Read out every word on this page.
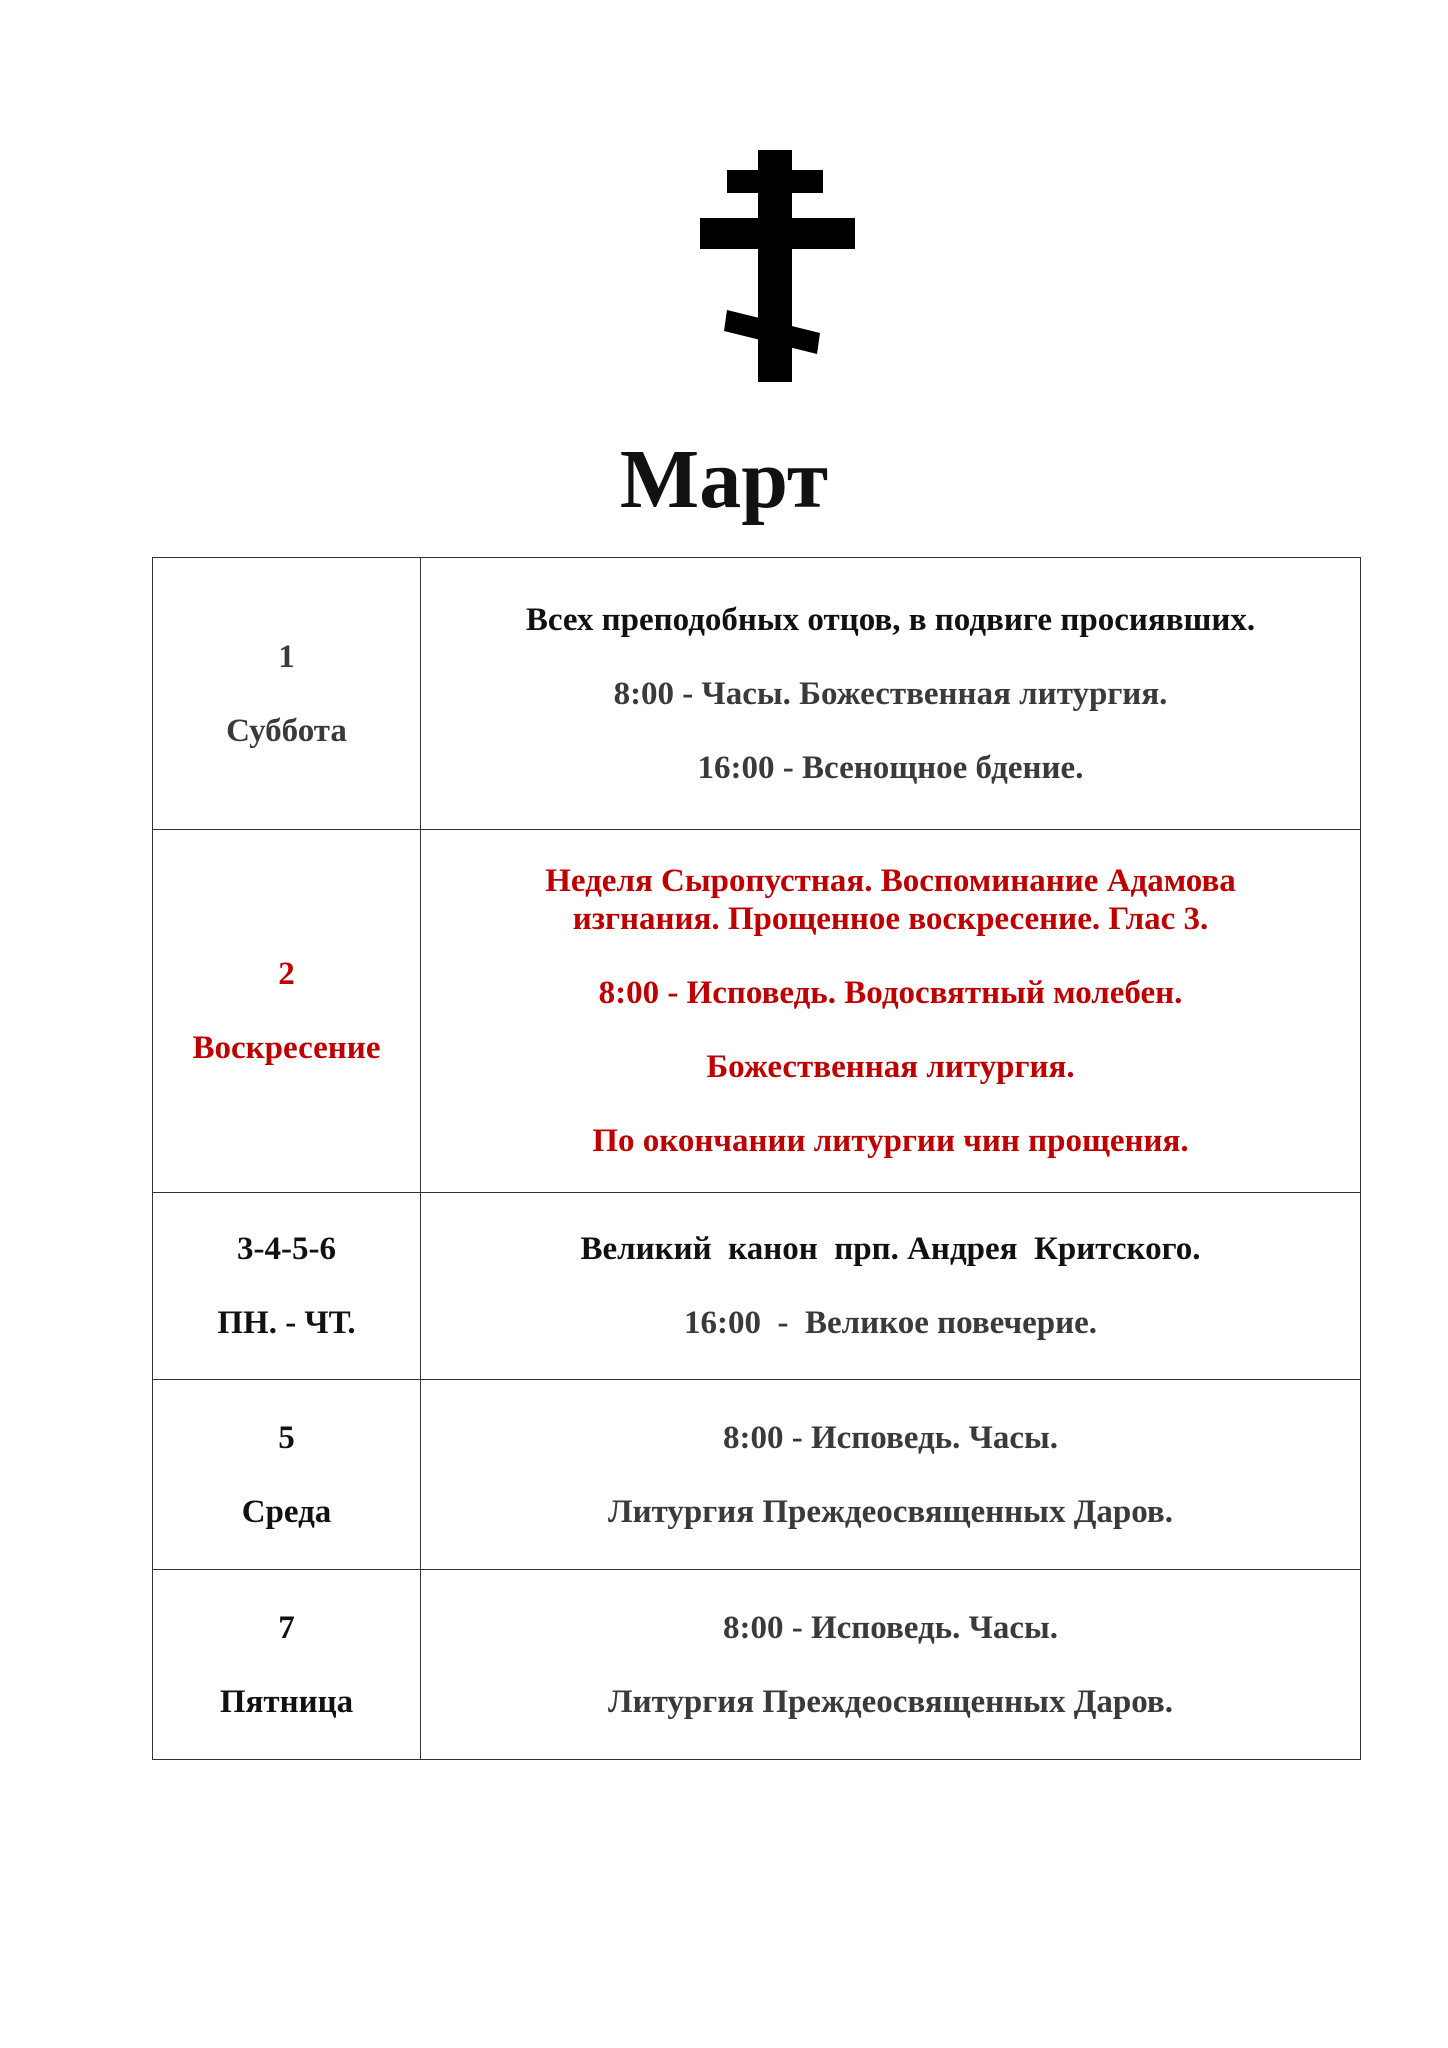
Март
1
Суббота	Всех преподобных отцов, в подвиге просиявших.
8:00 - Часы. Божественная литургия.
16:00 - Всенощное бдение.

2
Воскресение	Неделя Сыропустная. Воспоминание Адамова
изгнания. Прощенное воскресение. Глас 3.
8:00 - Исповедь. Водосвятный молебен.
Божественная литургия.
По окончании литургии чин прощения.

3-4-5-6
ПН. - ЧТ.	Великий  канон  прп. Андрея  Критского.
16:00  -  Великое повечерие.

5
Среда	8:00 - Исповедь. Часы.
Литургия Преждеосвященных Даров.

7
Пятница	8:00 - Исповедь. Часы.
Литургия Преждеосвященных Даров.
